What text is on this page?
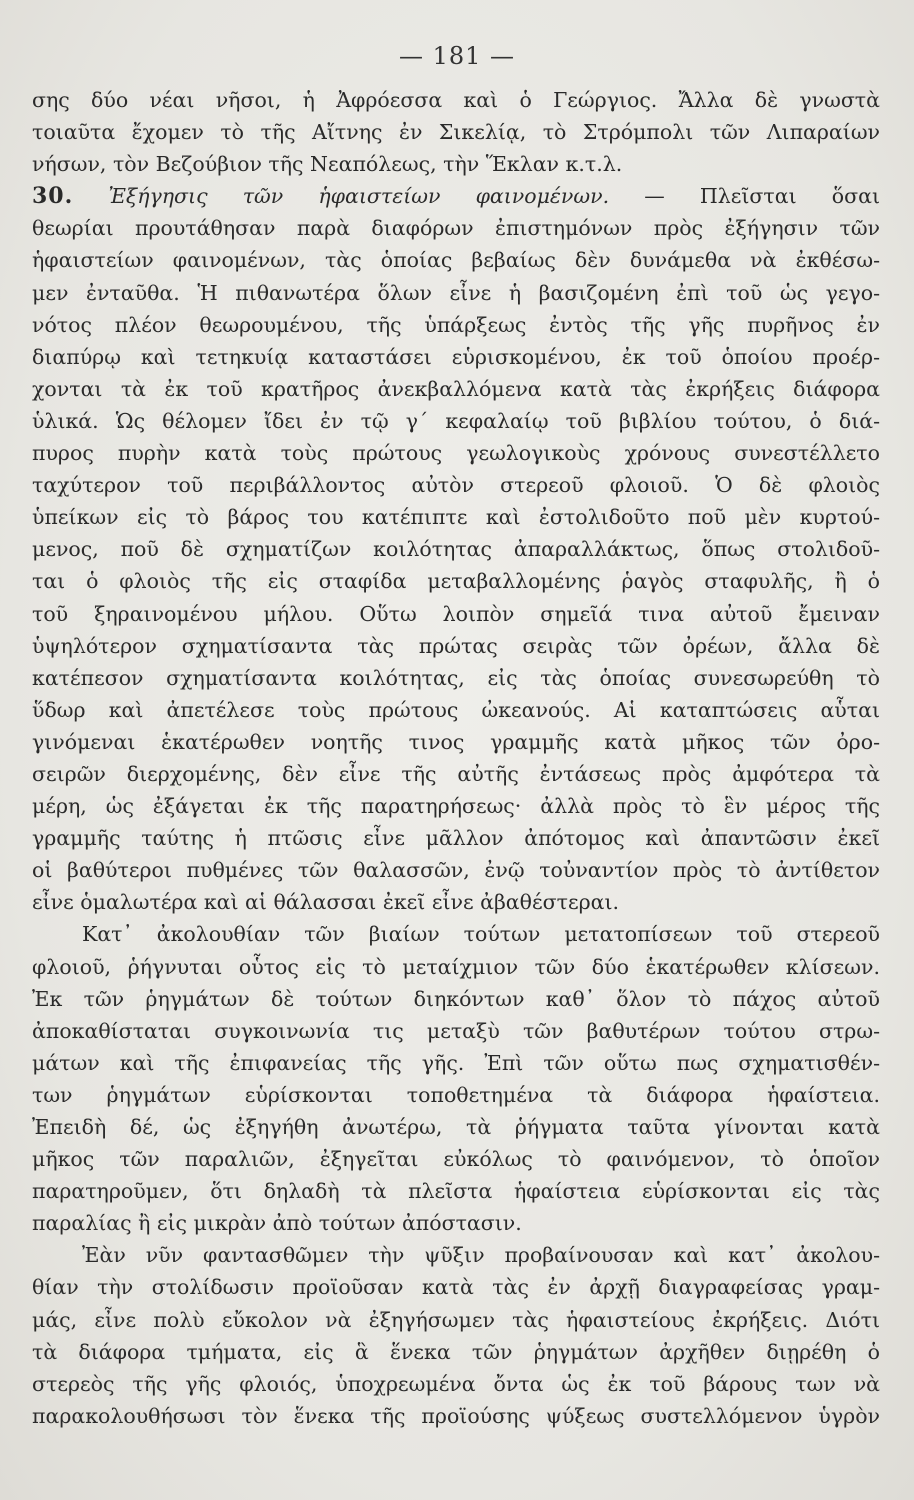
— 181 —
σης δύο νέαι νῆσοι, ἡ Ἀφρόεσσα καὶ ὁ Γεώργιος. Ἄλλα δὲ γνωστὰ
τοιαῦτα ἔχομεν τὸ τῆς Αἴτνης ἐν Σικελίᾳ, τὸ Στρόμπολι τῶν Λιπαραίων
νήσων, τὸν Βεζούβιον τῆς Νεαπόλεως, τὴν Ἕκλαν κ.τ.λ.
30. Ἐξήγησις τῶν ἡφαιστείων φαινομένων. — Πλεῖσται ὅσαι
θεωρίαι προυτάθησαν παρὰ διαφόρων ἐπιστημόνων πρὸς ἐξήγησιν τῶν
ἡφαιστείων φαινομένων, τὰς ὁποίας βεβαίως δὲν δυνάμεθα νὰ ἐκθέσω-
μεν ἐνταῦθα. Ἡ πιθανωτέρα ὅλων εἶνε ἡ βασιζομένη ἐπὶ τοῦ ὡς γεγο-
νότος πλέον θεωρουμένου, τῆς ὑπάρξεως ἐντὸς τῆς γῆς πυρῆνος ἐν
διαπύρῳ καὶ τετηκυίᾳ καταστάσει εὑρισκομένου, ἐκ τοῦ ὁποίου προέρ-
χονται τὰ ἐκ τοῦ κρατῆρος ἀνεκβαλλόμενα κατὰ τὰς ἐκρήξεις διάφορα
ὑλικά. Ὡς θέλομεν ἴδει ἐν τῷ γ΄ κεφαλαίῳ τοῦ βιβλίου τούτου, ὁ διά-
πυρος πυρὴν κατὰ τοὺς πρώτους γεωλογικοὺς χρόνους συνεστέλλετο
ταχύτερον τοῦ περιβάλλοντος αὐτὸν στερεοῦ φλοιοῦ. Ὁ δὲ φλοιὸς
ὑπείκων εἰς τὸ βάρος του κατέπιπτε καὶ ἐστολιδοῦτο ποῦ μὲν κυρτού-
μενος, ποῦ δὲ σχηματίζων κοιλότητας ἀπαραλλάκτως, ὅπως στολιδοῦ-
ται ὁ φλοιὸς τῆς εἰς σταφίδα μεταβαλλομένης ῥαγὸς σταφυλῆς, ἢ ὁ
τοῦ ξηραινομένου μήλου. Οὕτω λοιπὸν σημεῖά τινα αὐτοῦ ἔμειναν
ὑψηλότερον σχηματίσαντα τὰς πρώτας σειρὰς τῶν ὀρέων, ἄλλα δὲ
κατέπεσον σχηματίσαντα κοιλότητας, εἰς τὰς ὁποίας συνεσωρεύθη τὸ
ὕδωρ καὶ ἀπετέλεσε τοὺς πρώτους ὠκεανούς. Αἱ καταπτώσεις αὗται
γινόμεναι ἑκατέρωθεν νοητῆς τινος γραμμῆς κατὰ μῆκος τῶν ὀρο-
σειρῶν διερχομένης, δὲν εἶνε τῆς αὐτῆς ἐντάσεως πρὸς ἀμφότερα τὰ
μέρη, ὡς ἐξάγεται ἐκ τῆς παρατηρήσεως· ἀλλὰ πρὸς τὸ ἓν μέρος τῆς
γραμμῆς ταύτης ἡ πτῶσις εἶνε μᾶλλον ἀπότομος καὶ ἀπαντῶσιν ἐκεῖ
οἱ βαθύτεροι πυθμένες τῶν θαλασσῶν, ἐνῷ τοὐναντίον πρὸς τὸ ἀντίθετον
εἶνε ὁμαλωτέρα καὶ αἱ θάλασσαι ἐκεῖ εἶνε ἀβαθέστεραι.
Κατ᾽ ἀκολουθίαν τῶν βιαίων τούτων μετατοπίσεων τοῦ στερεοῦ
φλοιοῦ, ῥήγνυται οὗτος εἰς τὸ μεταίχμιον τῶν δύο ἑκατέρωθεν κλίσεων.
Ἐκ τῶν ῥηγμάτων δὲ τούτων διηκόντων καθ᾽ ὅλον τὸ πάχος αὐτοῦ
ἀποκαθίσταται συγκοινωνία τις μεταξὺ τῶν βαθυτέρων τούτου στρω-
μάτων καὶ τῆς ἐπιφανείας τῆς γῆς. Ἐπὶ τῶν οὕτω πως σχηματισθέν-
των ῥηγμάτων εὑρίσκονται τοποθετημένα τὰ διάφορα ἡφαίστεια.
Ἐπειδὴ δέ, ὡς ἐξηγήθη ἀνωτέρω, τὰ ῥήγματα ταῦτα γίνονται κατὰ
μῆκος τῶν παραλιῶν, ἐξηγεῖται εὐκόλως τὸ φαινόμενον, τὸ ὁποῖον
παρατηροῦμεν, ὅτι δηλαδὴ τὰ πλεῖστα ἡφαίστεια εὑρίσκονται εἰς τὰς
παραλίας ἢ εἰς μικρὰν ἀπὸ τούτων ἀπόστασιν.
Ἐὰν νῦν φαντασθῶμεν τὴν ψῦξιν προβαίνουσαν καὶ κατ᾽ ἀκολου-
θίαν τὴν στολίδωσιν προϊοῦσαν κατὰ τὰς ἐν ἀρχῇ διαγραφείσας γραμ-
μάς, εἶνε πολὺ εὔκολον νὰ ἐξηγήσωμεν τὰς ἡφαιστείους ἐκρήξεις. Διότι
τὰ διάφορα τμήματα, εἰς ἃ ἕνεκα τῶν ῥηγμάτων ἀρχῆθεν διῃρέθη ὁ
στερεὸς τῆς γῆς φλοιός, ὑποχρεωμένα ὄντα ὡς ἐκ τοῦ βάρους των νὰ
παρακολουθήσωσι τὸν ἕνεκα τῆς προϊούσης ψύξεως συστελλόμενον ὑγρὸν
